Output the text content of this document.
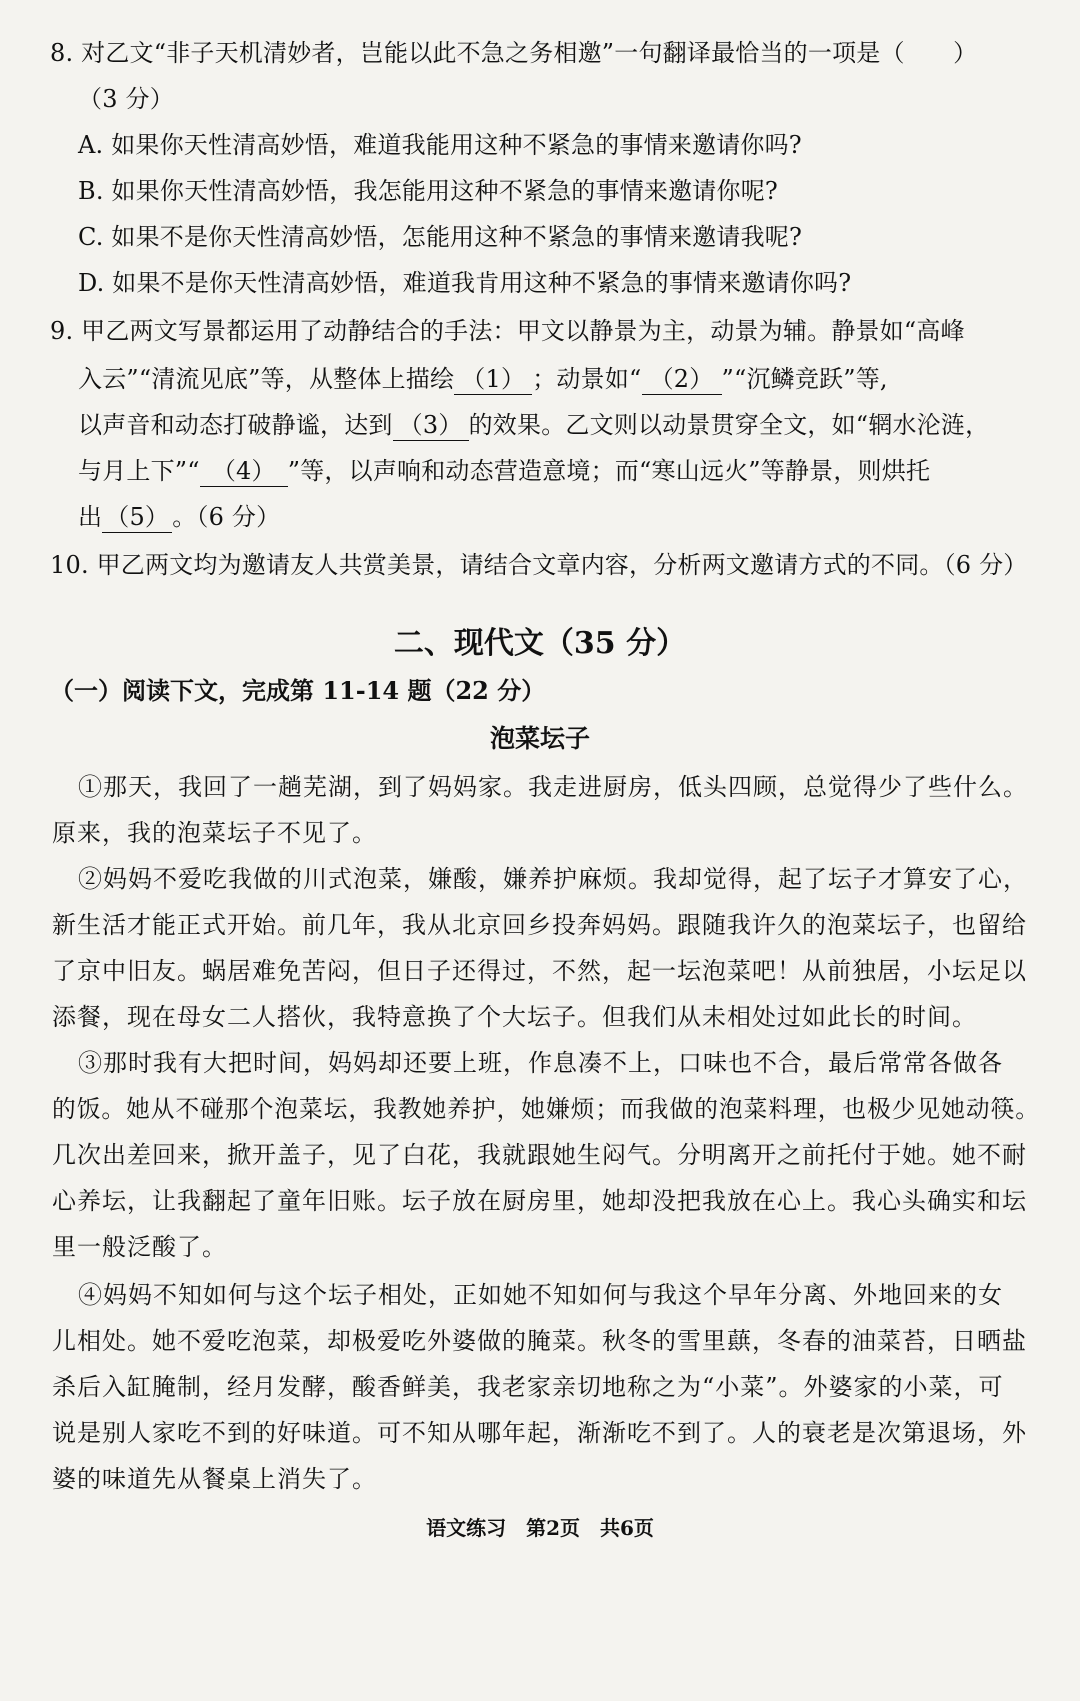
8. 对乙文“非子天机清妙者，岂能以此不急之务相邀”一句翻译最恰当的一项是（　　）
（3 分）
A. 如果你天性清高妙悟，难道我能用这种不紧急的事情来邀请你吗?
B. 如果你天性清高妙悟，我怎能用这种不紧急的事情来邀请你呢?
C. 如果不是你天性清高妙悟，怎能用这种不紧急的事情来邀请我呢?
D. 如果不是你天性清高妙悟，难道我肯用这种不紧急的事情来邀请你吗?
9. 甲乙两文写景都运用了动静结合的手法：甲文以静景为主，动景为辅。静景如“高峰
入云”“清流见底”等，从整体上描绘 （1） ；动景如“ （2） ”“沉鳞竞跃”等,
以声音和动态打破静谧，达到 （3） 的效果。乙文则以动景贯穿全文，如“辋水沦涟，
与月上下”“ （4） ”等，以声响和动态营造意境；而“寒山远火”等静景，则烘托
出 （5） 。（6 分）
10. 甲乙两文均为邀请友人共赏美景，请结合文章内容，分析两文邀请方式的不同。（6 分）
二、现代文（35 分）
（一）阅读下文，完成第 11-14 题（22 分）
泡菜坛子
①那天，我回了一趟芜湖，到了妈妈家。我走进厨房，低头四顾，总觉得少了些什么。
原来，我的泡菜坛子不见了。
②妈妈不爱吃我做的川式泡菜，嫌酸，嫌养护麻烦。我却觉得，起了坛子才算安了心，
新生活才能正式开始。前几年，我从北京回乡投奔妈妈。跟随我许久的泡菜坛子，也留给
了京中旧友。蜗居难免苦闷，但日子还得过，不然，起一坛泡菜吧！从前独居，小坛足以
添餐，现在母女二人搭伙，我特意换了个大坛子。但我们从未相处过如此长的时间。
③那时我有大把时间，妈妈却还要上班，作息凑不上，口味也不合，最后常常各做各
的饭。她从不碰那个泡菜坛，我教她养护，她嫌烦；而我做的泡菜料理，也极少见她动筷。
几次出差回来，掀开盖子，见了白花，我就跟她生闷气。分明离开之前托付于她。她不耐
心养坛，让我翻起了童年旧账。坛子放在厨房里，她却没把我放在心上。我心头确实和坛
里一般泛酸了。
④妈妈不知如何与这个坛子相处，正如她不知如何与我这个早年分离、外地回来的女
儿相处。她不爱吃泡菜，却极爱吃外婆做的腌菜。秋冬的雪里蕻，冬春的油菜苔，日晒盐
杀后入缸腌制，经月发酵，酸香鲜美，我老家亲切地称之为“小菜”。外婆家的小菜，可
说是别人家吃不到的好味道。可不知从哪年起，渐渐吃不到了。人的衰老是次第退场，外
婆的味道先从餐桌上消失了。
语文练习　第2页　共6页
